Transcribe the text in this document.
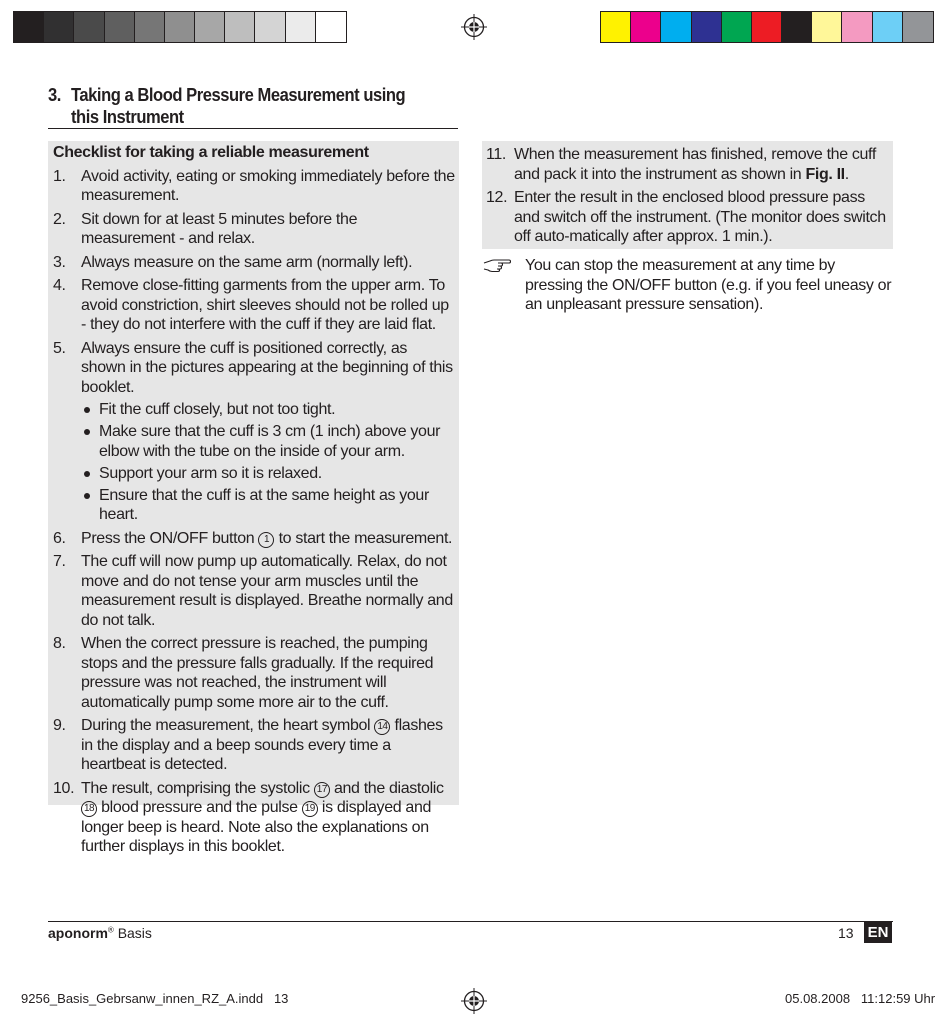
3. Taking a Blood Pressure Measurement using this Instrument
Checklist for taking a reliable measurement
1. Avoid activity, eating or smoking immediately before the measurement.
2. Sit down for at least 5 minutes before the measurement - and relax.
3. Always measure on the same arm (normally left).
4. Remove close-fitting garments from the upper arm. To avoid constriction, shirt sleeves should not be rolled up - they do not interfere with the cuff if they are laid flat.
5. Always ensure the cuff is positioned correctly, as shown in the pictures appearing at the beginning of this booklet.
Fit the cuff closely, but not too tight.
Make sure that the cuff is 3 cm (1 inch) above your elbow with the tube on the inside of your arm.
Support your arm so it is relaxed.
Ensure that the cuff is at the same height as your heart.
6. Press the ON/OFF button 1 to start the measurement.
7. The cuff will now pump up automatically. Relax, do not move and do not tense your arm muscles until the measurement result is displayed. Breathe normally and do not talk.
8. When the correct pressure is reached, the pumping stops and the pressure falls gradually. If the required pressure was not reached, the instrument will automatically pump some more air to the cuff.
9. During the measurement, the heart symbol 14 flashes in the display and a beep sounds every time a heartbeat is detected.
10. The result, comprising the systolic 17 and the diastolic 18 blood pressure and the pulse 19 is displayed and longer beep is heard. Note also the explanations on further displays in this booklet.
11. When the measurement has finished, remove the cuff and pack it into the instrument as shown in Fig. II.
12. Enter the result in the enclosed blood pressure pass and switch off the instrument. (The monitor does switch off auto-matically after approx. 1 min.).
You can stop the measurement at any time by pressing the ON/OFF button (e.g. if you feel uneasy or an unpleasant pressure sensation).
aponorm® Basis	13 EN
9256_Basis_Gebrsanw_innen_RZ_A.indd   13	05.08.2008   11:12:59 Uhr
